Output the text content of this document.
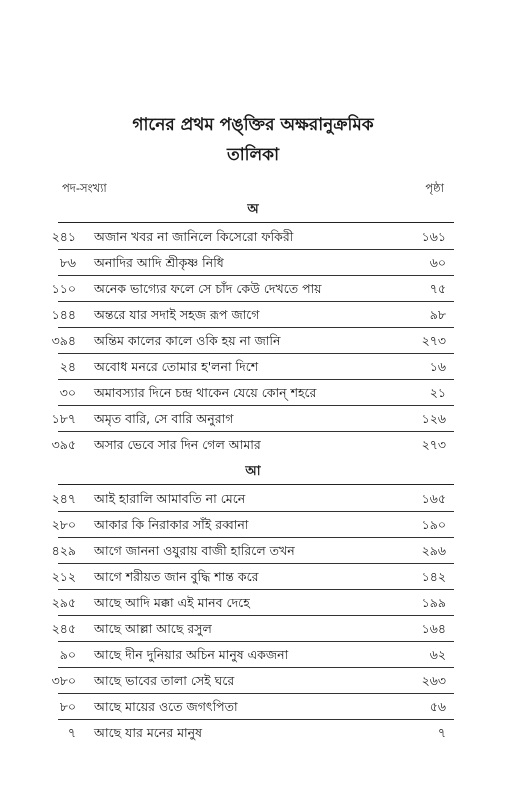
গানের প্রথম পঙ্‌ক্তির অক্ষরানুক্রমিক
তালিকা
পদ-সংখ্যা	পৃষ্ঠা
অ
২৪১ অজান খবর না জানিলে কিসেরো ফকিরী	১৬১
৮৬ অনাদির আদি শ্রীকৃষ্ণ নিধি	৬০
১১০ অনেক ভাগ্যের ফলে সে চাঁদ কেউ দেখতে পায়	৭৫
১৪৪ অন্তরে যার সদাই সহজ রূপ জাগে	৯৮
৩৯৪ অন্তিম কালের কালে ওকি হয় না জানি	২৭৩
২৪ অবোধ মনরে তোমার হ'লনা দিশে	১৬
৩০ অমাবস্যার দিনে চন্দ্র থাকেন যেয়ে কোন্ শহরে	২১
১৮৭ অমৃত বারি, সে বারি অনুরাগ	১২৬
৩৯৫ অসার ভেবে সার দিন গেল আমার	২৭৩
আ
২৪৭ আই হারালি আমাবতি না মেনে	১৬৫
২৮০ আকার কি নিরাকার সাঁই রব্বানা	১৯০
৪২৯ আগে জাননা ওযুরায় বাজী হারিলে তখন	২৯৬
২১২ আগে শরীয়ত জান বুদ্ধি শান্ত করে	১৪২
২৯৫ আছে আদি মক্কা এই মানব দেহে	১৯৯
২৪৫ আছে আল্লা আছে রসুল	১৬৪
৯০ আছে দীন দুনিয়ার অচিন মানুষ একজনা	৬২
৩৮০ আছে ভাবের তালা সেই ঘরে	২৬৩
৮০ আছে মায়ের ওতে জগৎপিতা	৫৬
৭ আছে যার মনের মানুষ	৭
